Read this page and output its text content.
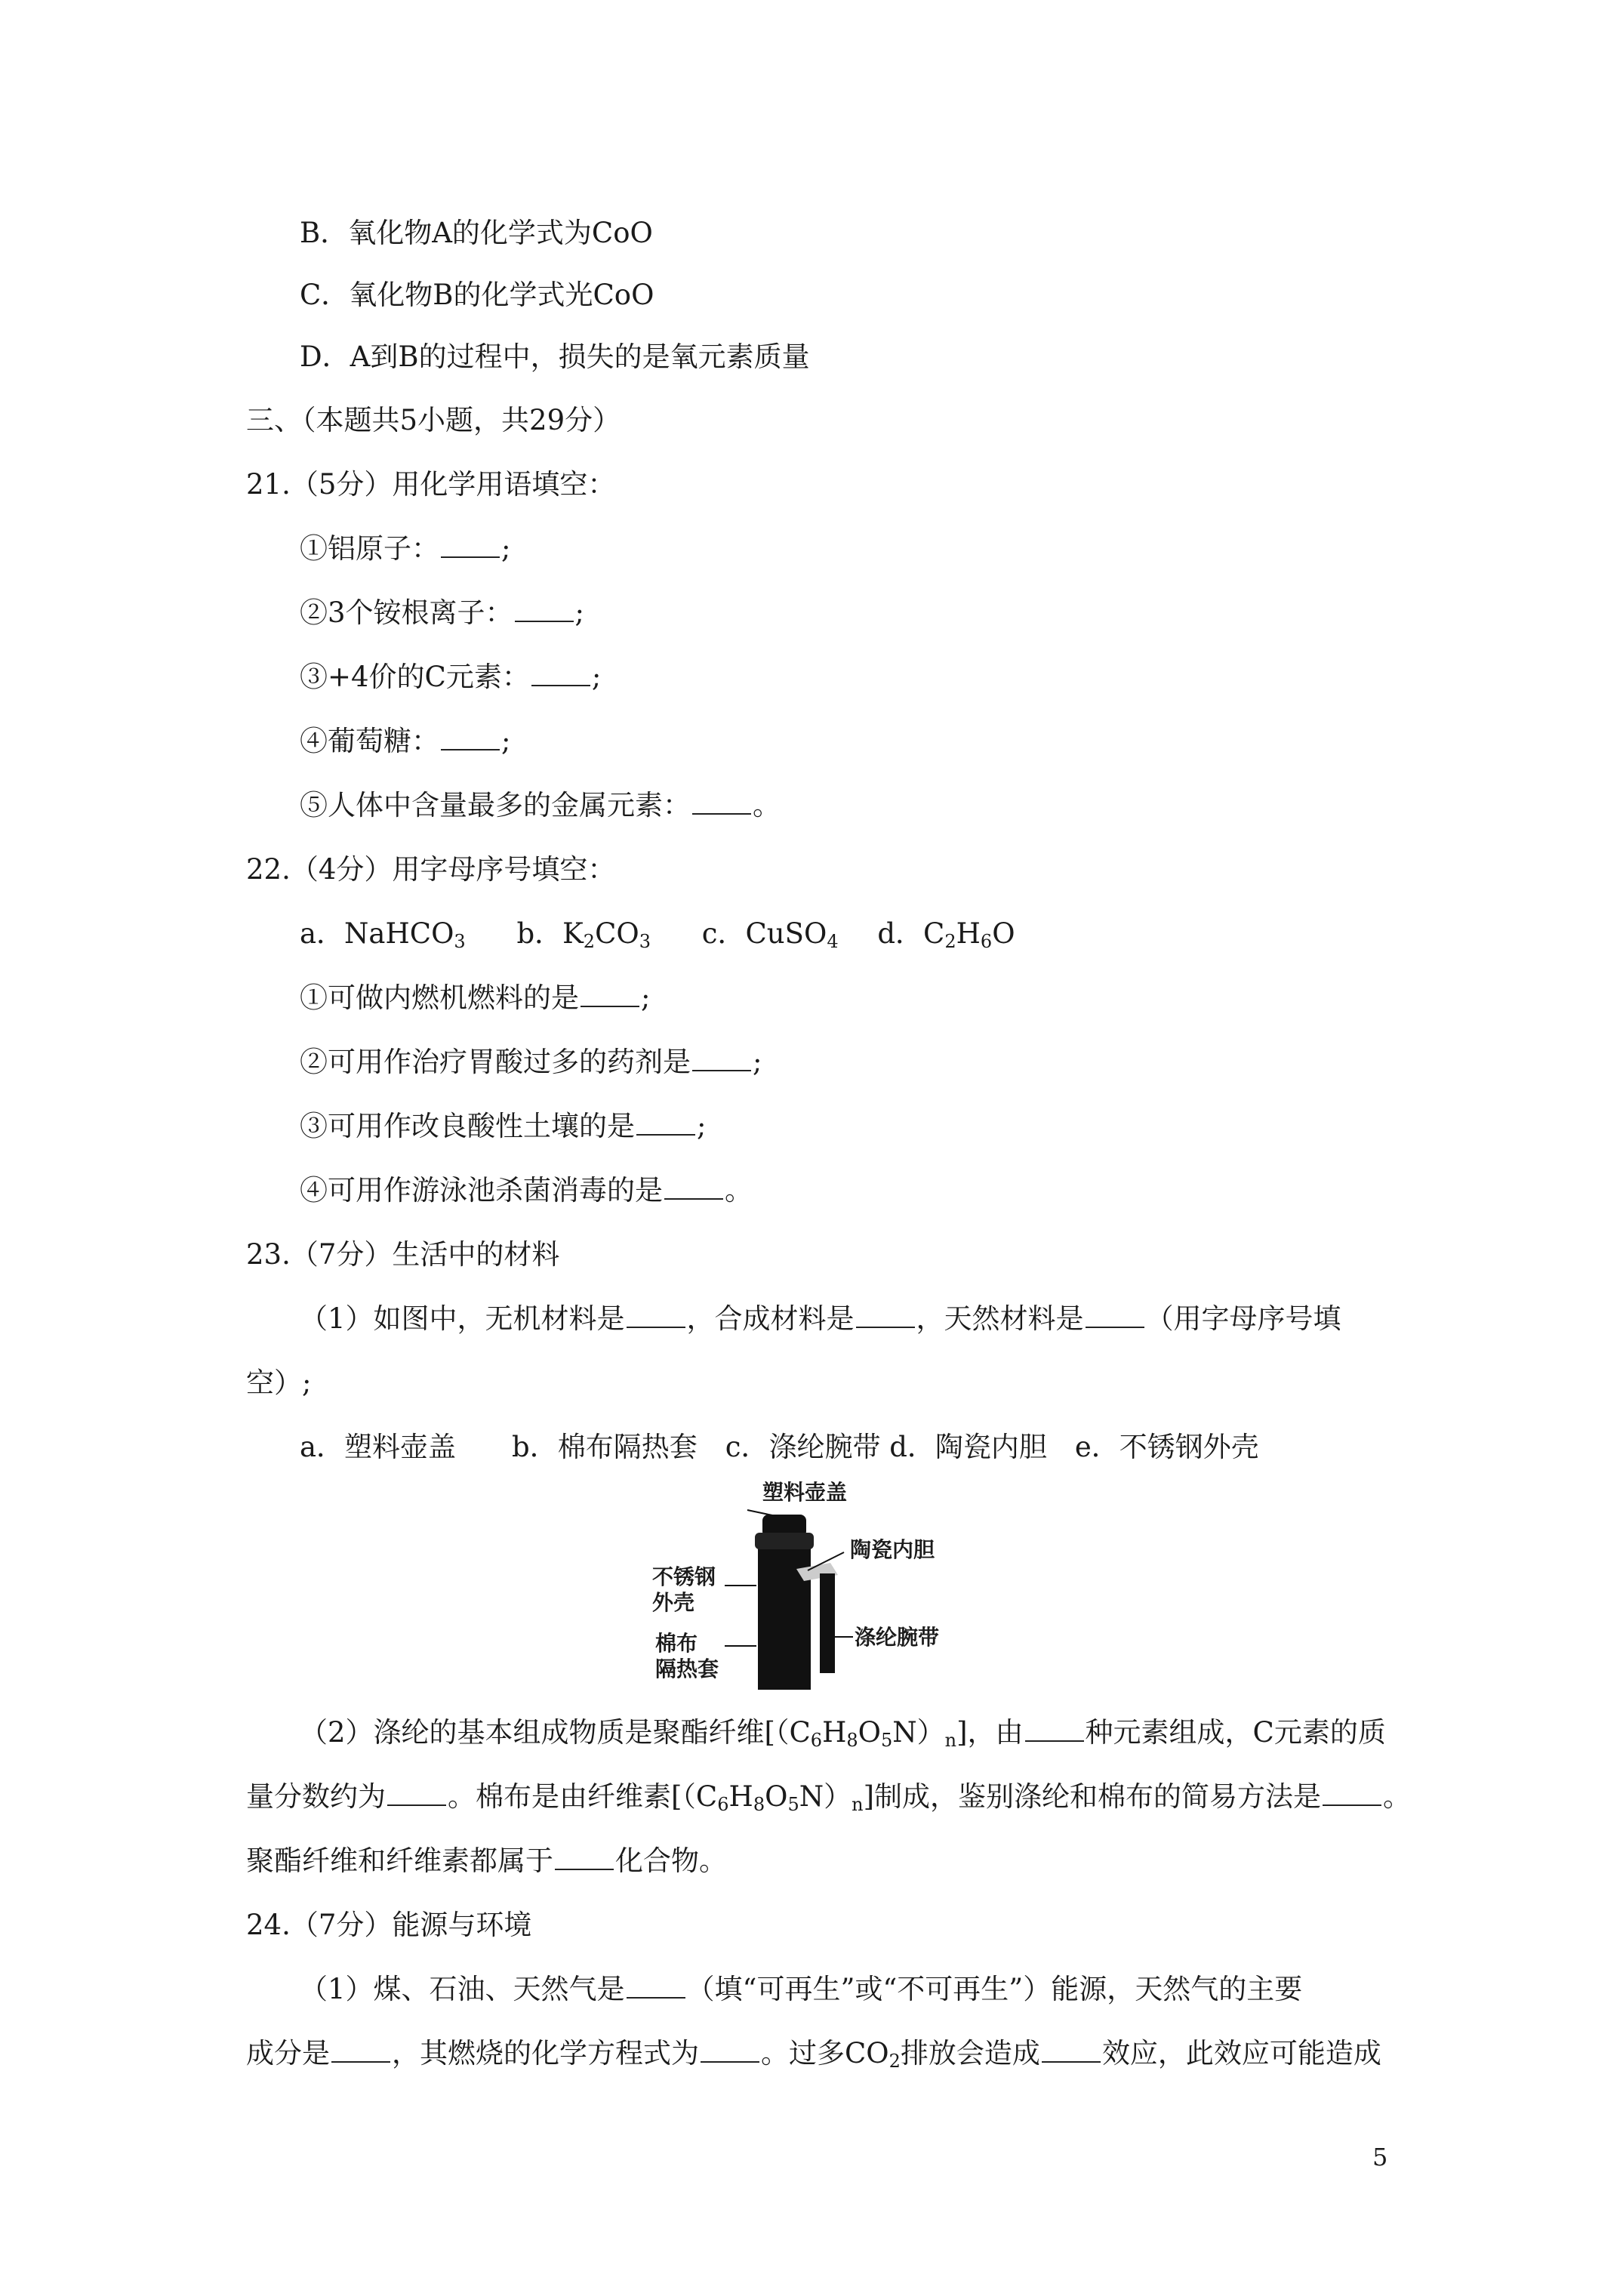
B．氧化物A的化学式为CoO
C．氧化物B的化学式光CoO
D．A到B的过程中，损失的是氧元素质量
三、（本题共5小题，共29分）
21.（5分）用化学用语填空：
①铝原子： ;
②3个铵根离子： ;
③+4价的C元素： ;
④葡萄糖： ;
⑤人体中含量最多的金属元素： 。
22.（4分）用字母序号填空：
a．NaHCO$_3$ b．$K_2CO_3$ c．CuSO$_4$ d．$C_2H_6O$
①可做内燃机燃料的是 ;
②可用作治疗胃酸过多的药剂是 ;
③可用作改良酸性土壤的是 ;
④可用作游泳池杀菌消毒的是 。
23.（7分）生活中的材料
（1）如图中，无机材料是 ，合成材料是 ，天然材料是 （用字母序号填
空）;
a．塑料壶盖　　b．棉布隔热套　c．涤纶腕带 d．陶瓷内胆　e．不锈钢外壳
塑料壶盖
陶瓷内胆
不锈钢
外壳
棉布
隔热套
涤纶腕带
（2）涤纶的基本组成物质是聚酯纤维$[(C_6H_8O_5N)_n]$，由 种元素组成，C元素的质
量分数约为 。棉布是由纤维素$[(C_6H_8O_5N)_n]$制成，鉴别涤纶和棉布的简易方法是 。
聚酯纤维和纤维素都属于 化合物。
24.（7分）能源与环境
（1）煤、石油、天然气是 （填“可再生”或“不可再生”）能源，天然气的主要
成分是 ，其燃烧的化学方程式为 。过多$CO_2$排放会造成 效应，此效应可能造成
5
